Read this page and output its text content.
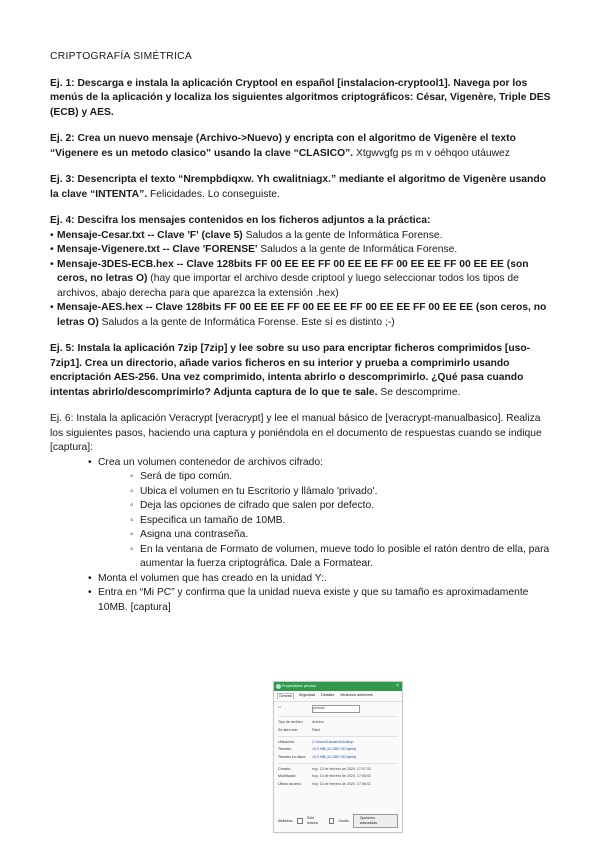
CRIPTOGRAFÍA SIMÉTRICA

Ej. 1: Descarga e instala la aplicación Cryptool en español [instalacion-cryptool1]. Navega por los menús de la aplicación y localiza los siguientes algoritmos criptográficos: César, Vigenère, Triple DES (ECB) y AES.

Ej. 2: Crea un nuevo mensaje (Archivo->Nuevo) y encripta con el algoritmo de Vigenère el texto “Vigenere es un metodo clasico” usando la clave “CLASICO”. Xtgwvgfg ps m v oéhqoo utáuwez

Ej. 3: Desencripta el texto “Nrempbdiqxw. Yh cwalitniagx.” mediante el algoritmo de Vigenère usando la clave “INTENTA”. Felicidades. Lo conseguiste.

Ej. 4: Descifra los mensajes contenidos en los ficheros adjuntos a la práctica:
• Mensaje-Cesar.txt -- Clave 'F' (clave 5) Saludos a la gente de Informática Forense.
• Mensaje-Vigenere.txt -- Clave 'FORENSE' Saludos a la gente de Informática Forense.
• Mensaje-3DES-ECB.hex -- Clave 128bits FF 00 EE EE FF 00 EE EE FF 00 EE EE FF 00 EE EE (son ceros, no letras O) (hay que importar el archivo desde criptool y luego seleccionar todos los tipos de archivos, abajo derecha para que aparezca la extensión .hex)
• Mensaje-AES.hex -- Clave 128bits FF 00 EE EE FF 00 EE EE FF 00 EE EE FF 00 EE EE (son ceros, no letras O) Saludos a la gente de Informática Forense. Este sí es distinto ;-)

Ej. 5: Instala la aplicación 7zip [7zip] y lee sobre su uso para encriptar ficheros comprimidos [uso-7zip1]. Crea un directorio, añade varios ficheros en su interior y prueba a comprimirlo usando encriptación AES-256. Una vez comprimido, intenta abrirlo o descomprimirlo. ¿Qué pasa cuando intentas abrirlo/descomprimirlo? Adjunta captura de lo que te sale. Se descomprime.

Ej. 6: Instala la aplicación Veracrypt [veracrypt] y lee el manual básico de [veracrypt-manualbasico]. Realiza los siguientes pasos, haciendo una captura y poniéndola en el documento de respuestas cuando se indique [captura]:
• Crea un volumen contenedor de archivos cifrado:
◦ Será de tipo común.
◦ Ubica el volumen en tu Escritorio y llámalo 'privado'.
◦ Deja las opciones de cifrado que salen por defecto.
◦ Especifica un tamaño de 10MB.
◦ Asigna una contraseña.
◦ En la ventana de Formato de volumen, mueve todo lo posible el ratón dentro de ella, para aumentar la fuerza criptográfica. Dale a Formatear.
• Monta el volumen que has creado en la unidad Y:.
• Entra en “Mi PC” y confirma que la unidad nueva existe y que su tamaño es aproximadamente 10MB. [captura]
Propiedades: privado	×
General	Seguridad Detalles Versiones anteriores
▭	privado
Tipo de archivo:	Archivo
Se abre con:	Paint
Ubicación:	C:\Users\Usuario\Desktop
Tamaño:	10,0 MB (10.485.760 bytes)
Tamaño en disco:	10,0 MB (10.485.760 bytes)
Creado:	hoy, 13 de febrero de 2020, 17:07:33
Modificado:	hoy, 13 de febrero de 2020, 17:08:02
Último acceso:	hoy, 13 de febrero de 2020, 17:08:02
Atributos:
Sólo lectura
Oculto
Opciones avanzadas
